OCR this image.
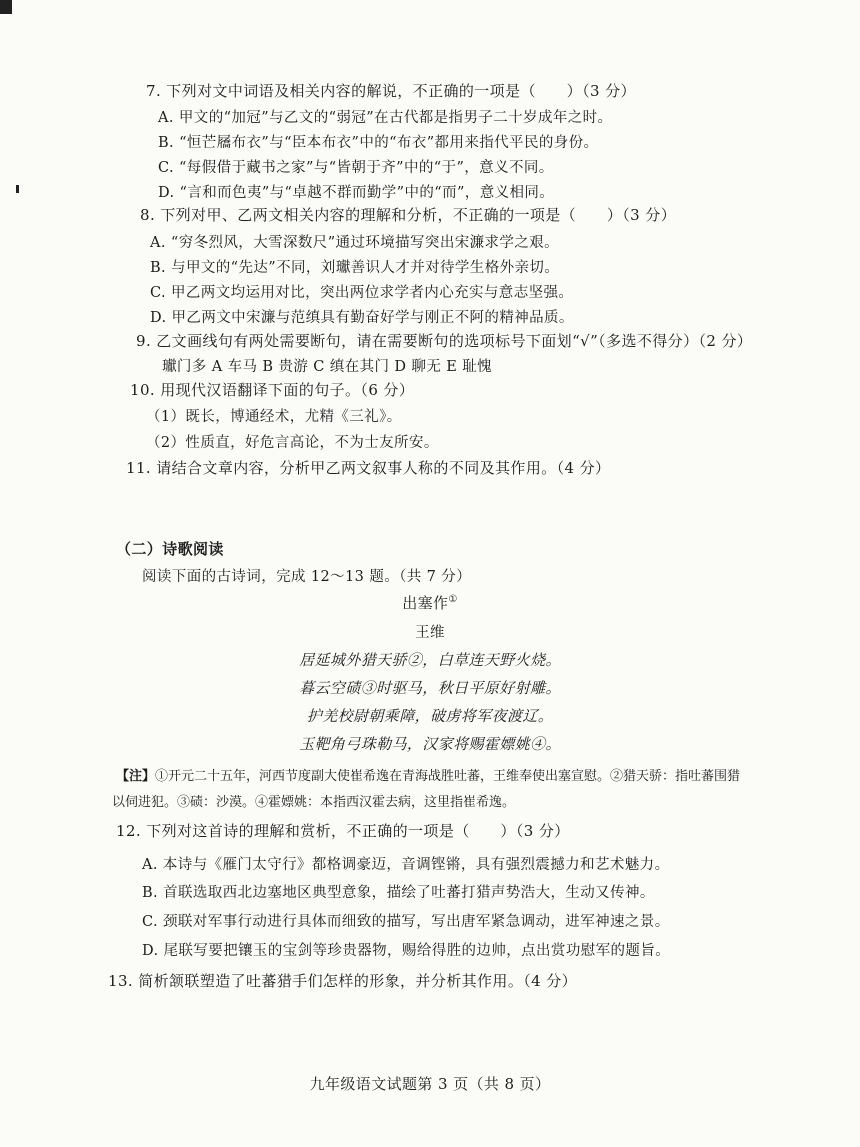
7. 下列对文中词语及相关内容的解说，不正确的一项是（　　）（3 分）
A. 甲文的“加冠”与乙文的“弱冠”在古代都是指男子二十岁成年之时。
B. “恒芒屩布衣”与“臣本布衣”中的“布衣”都用来指代平民的身份。
C. “每假借于藏书之家”与“皆朝于齐”中的“于”，意义不同。
D. “言和而色夷”与“卓越不群而勤学”中的“而”，意义相同。
8. 下列对甲、乙两文相关内容的理解和分析，不正确的一项是（　　）（3 分）
A. “穷冬烈风，大雪深数尺”通过环境描写突出宋濂求学之艰。
B. 与甲文的“先达”不同，刘瓛善识人才并对待学生格外亲切。
C. 甲乙两文均运用对比，突出两位求学者内心充实与意志坚强。
D. 甲乙两文中宋濂与范缜具有勤奋好学与刚正不阿的精神品质。
9. 乙文画线句有两处需要断句，请在需要断句的选项标号下面划“√”（多选不得分）（2 分）
瓛门多 A 车马 B 贵游 C 缜在其门 D 聊无 E 耻愧
10. 用现代汉语翻译下面的句子。（6 分）
（1）既长，博通经术，尤精《三礼》。
（2）性质直，好危言高论，不为士友所安。
11. 请结合文章内容，分析甲乙两文叙事人称的不同及其作用。（4 分）
（二）诗歌阅读
阅读下面的古诗词，完成 12～13 题。（共 7 分）
出塞作①
王维
居延城外猎天骄②，白草连天野火烧。
暮云空碛③时驱马，秋日平原好射雕。
护羌校尉朝乘障，破虏将军夜渡辽。
玉靶角弓珠勒马，汉家将赐霍嫖姚④。
【注】①开元二十五年，河西节度副大使崔希逸在青海战胜吐蕃，王维奉使出塞宣慰。②猎天骄：指吐蕃围猎
以伺进犯。③碛：沙漠。④霍嫖姚：本指西汉霍去病，这里指崔希逸。
12. 下列对这首诗的理解和赏析，不正确的一项是（　　）（3 分）
A. 本诗与《雁门太守行》都格调豪迈，音调铿锵，具有强烈震撼力和艺术魅力。
B. 首联选取西北边塞地区典型意象，描绘了吐蕃打猎声势浩大，生动又传神。
C. 颈联对军事行动进行具体而细致的描写，写出唐军紧急调动，进军神速之景。
D. 尾联写要把镶玉的宝剑等珍贵器物，赐给得胜的边帅，点出赏功慰军的题旨。
13. 简析颔联塑造了吐蕃猎手们怎样的形象，并分析其作用。（4 分）
九年级语文试题第 3 页（共 8 页）
